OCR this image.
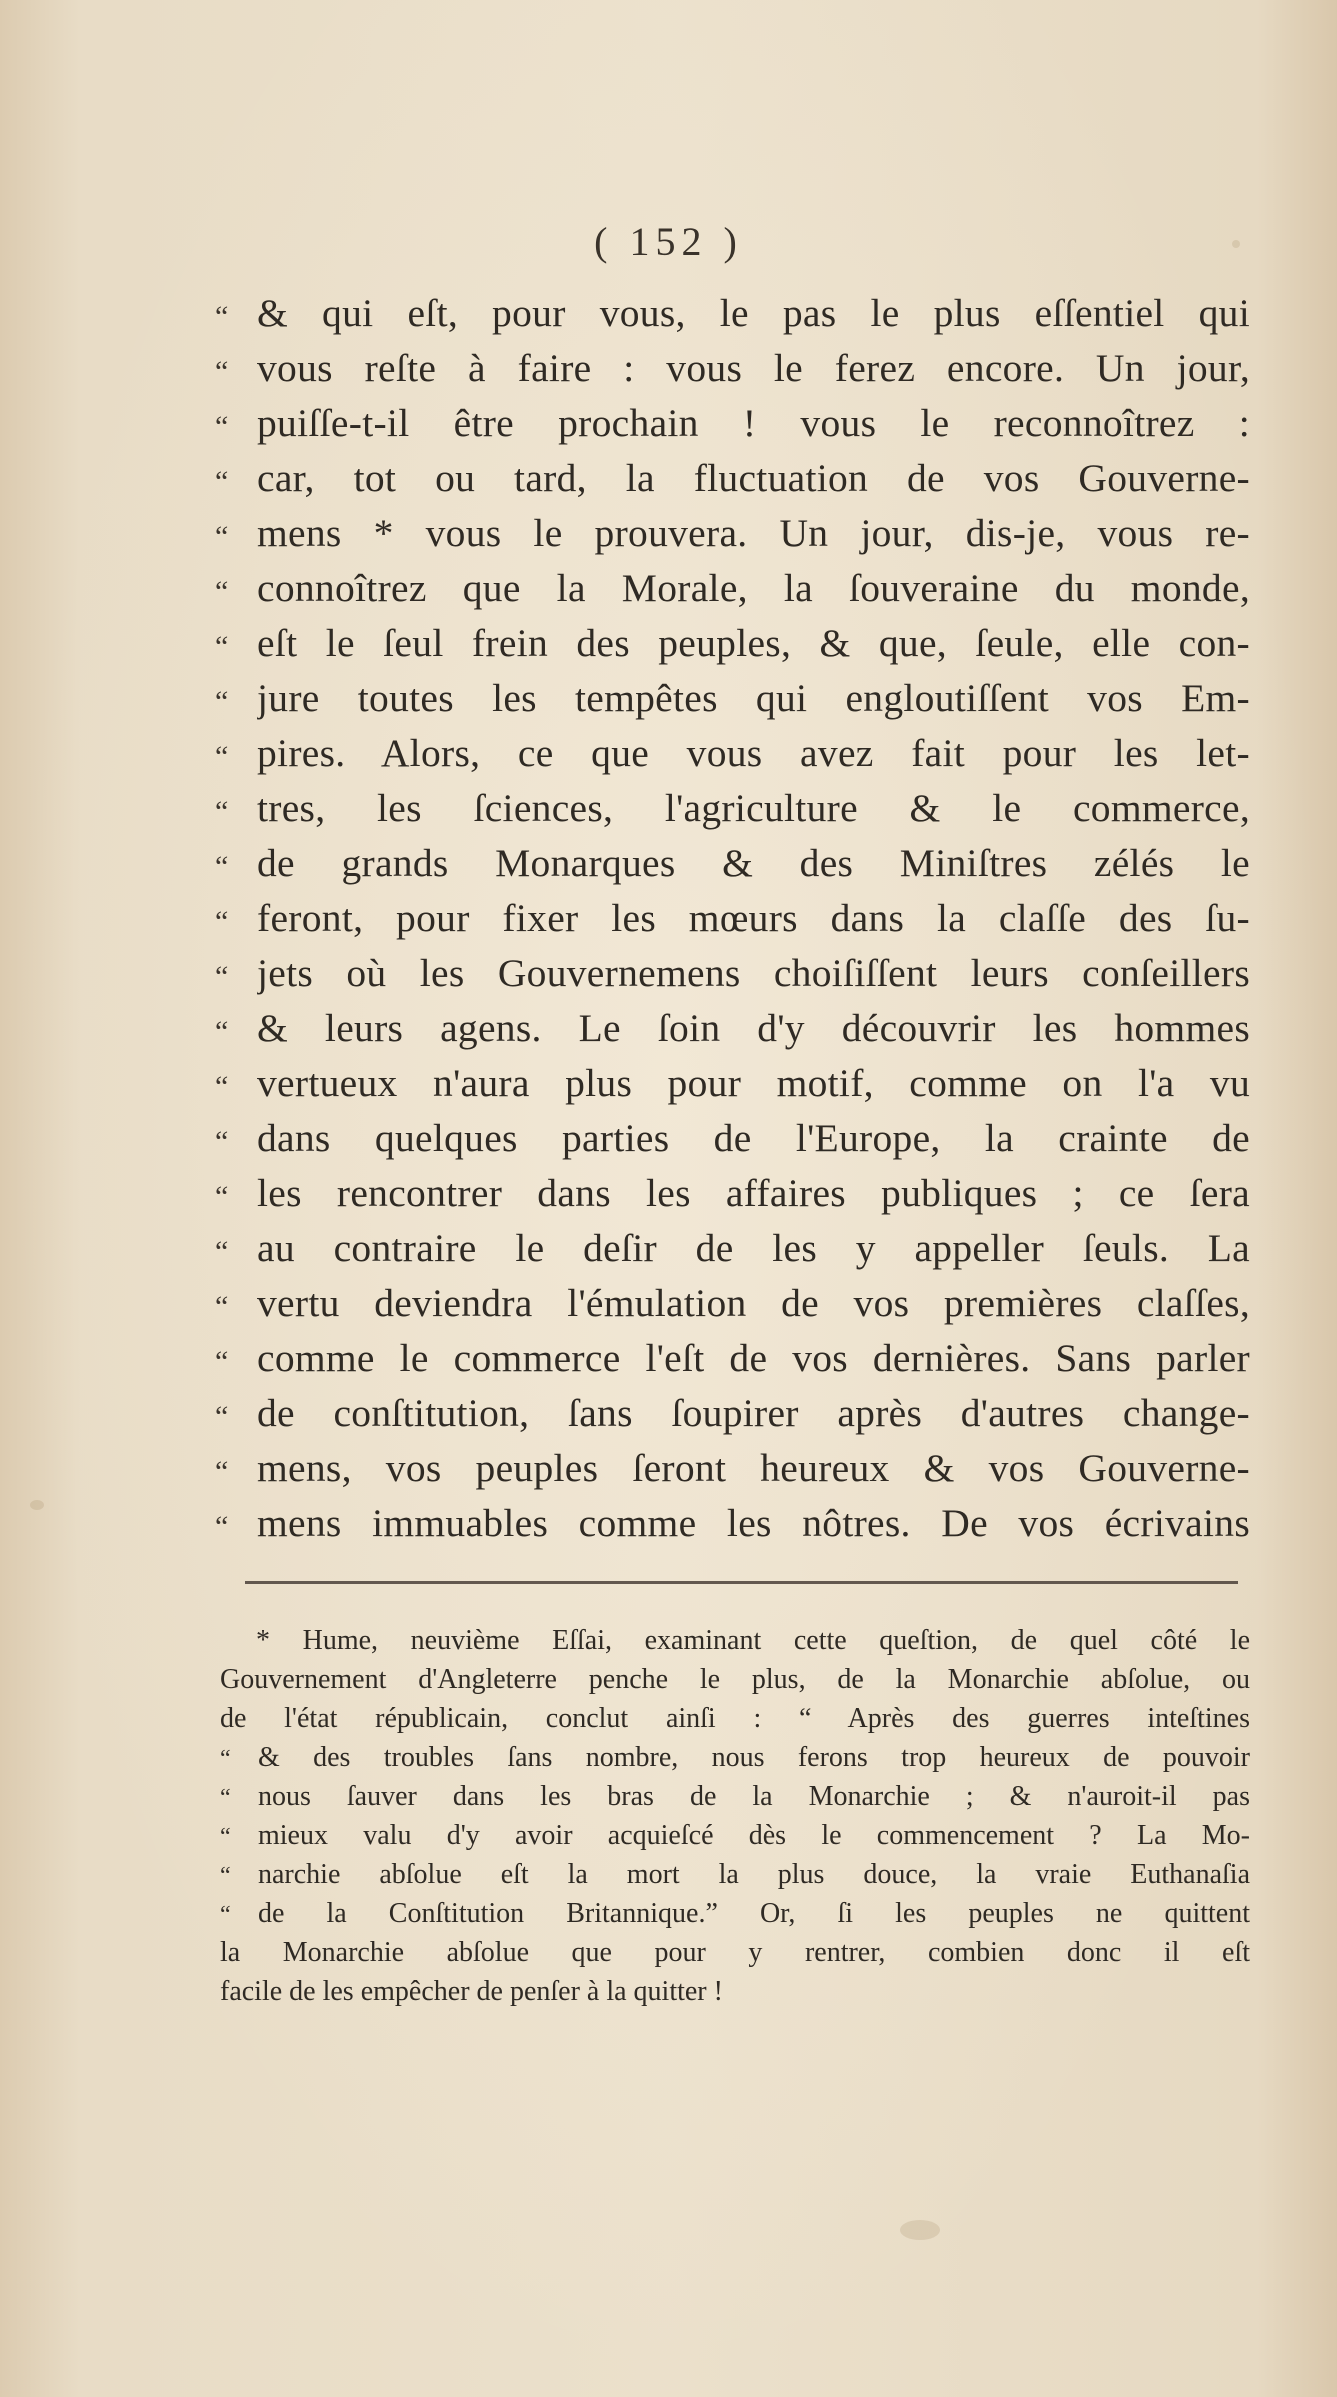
( 152 )
“ & qui eſt, pour vous, le pas le plus eſſentiel qui
“ vous reſte à faire : vous le ferez encore. Un jour,
“ puiſſe-t-il être prochain ! vous le reconnoîtrez :
“ car, tot ou tard, la fluctuation de vos Gouverne-
“ mens * vous le prouvera. Un jour, dis-je, vous re-
“ connoîtrez que la Morale, la ſouveraine du monde,
“ eſt le ſeul frein des peuples, & que, ſeule, elle con-
“ jure toutes les tempêtes qui engloutiſſent vos Em-
“ pires. Alors, ce que vous avez fait pour les let-
“ tres, les ſciences, l'agriculture & le commerce,
“ de grands Monarques & des Miniſtres zélés le
“ feront, pour fixer les mœurs dans la claſſe des ſu-
“ jets où les Gouvernemens choiſiſſent leurs conſeillers
“ & leurs agens. Le ſoin d'y découvrir les hommes
“ vertueux n'aura plus pour motif, comme on l'a vu
“ dans quelques parties de l'Europe, la crainte de
“ les rencontrer dans les affaires publiques ; ce ſera
“ au contraire le deſir de les y appeller ſeuls. La
“ vertu deviendra l'émulation de vos premières claſſes,
“ comme le commerce l'eſt de vos dernières. Sans parler
“ de conſtitution, ſans ſoupirer après d'autres change-
“ mens, vos peuples ſeront heureux & vos Gouverne-
“ mens immuables comme les nôtres. De vos écrivains
* Hume, neuvième Eſſai, examinant cette queſtion, de quel côté le
Gouvernement d'Angleterre penche le plus, de la Monarchie abſolue, ou
de l'état républicain, conclut ainſi : “ Après des guerres inteſtines
“ & des troubles ſans nombre, nous ferons trop heureux de pouvoir
“ nous ſauver dans les bras de la Monarchie ; & n'auroit-il pas
“ mieux valu d'y avoir acquieſcé dès le commencement ? La Mo-
“ narchie abſolue eſt la mort la plus douce, la vraie Euthanaſia
“ de la Conſtitution Britannique.” Or, ſi les peuples ne quittent
la Monarchie abſolue que pour y rentrer, combien donc il eſt
facile de les empêcher de penſer à la quitter !
